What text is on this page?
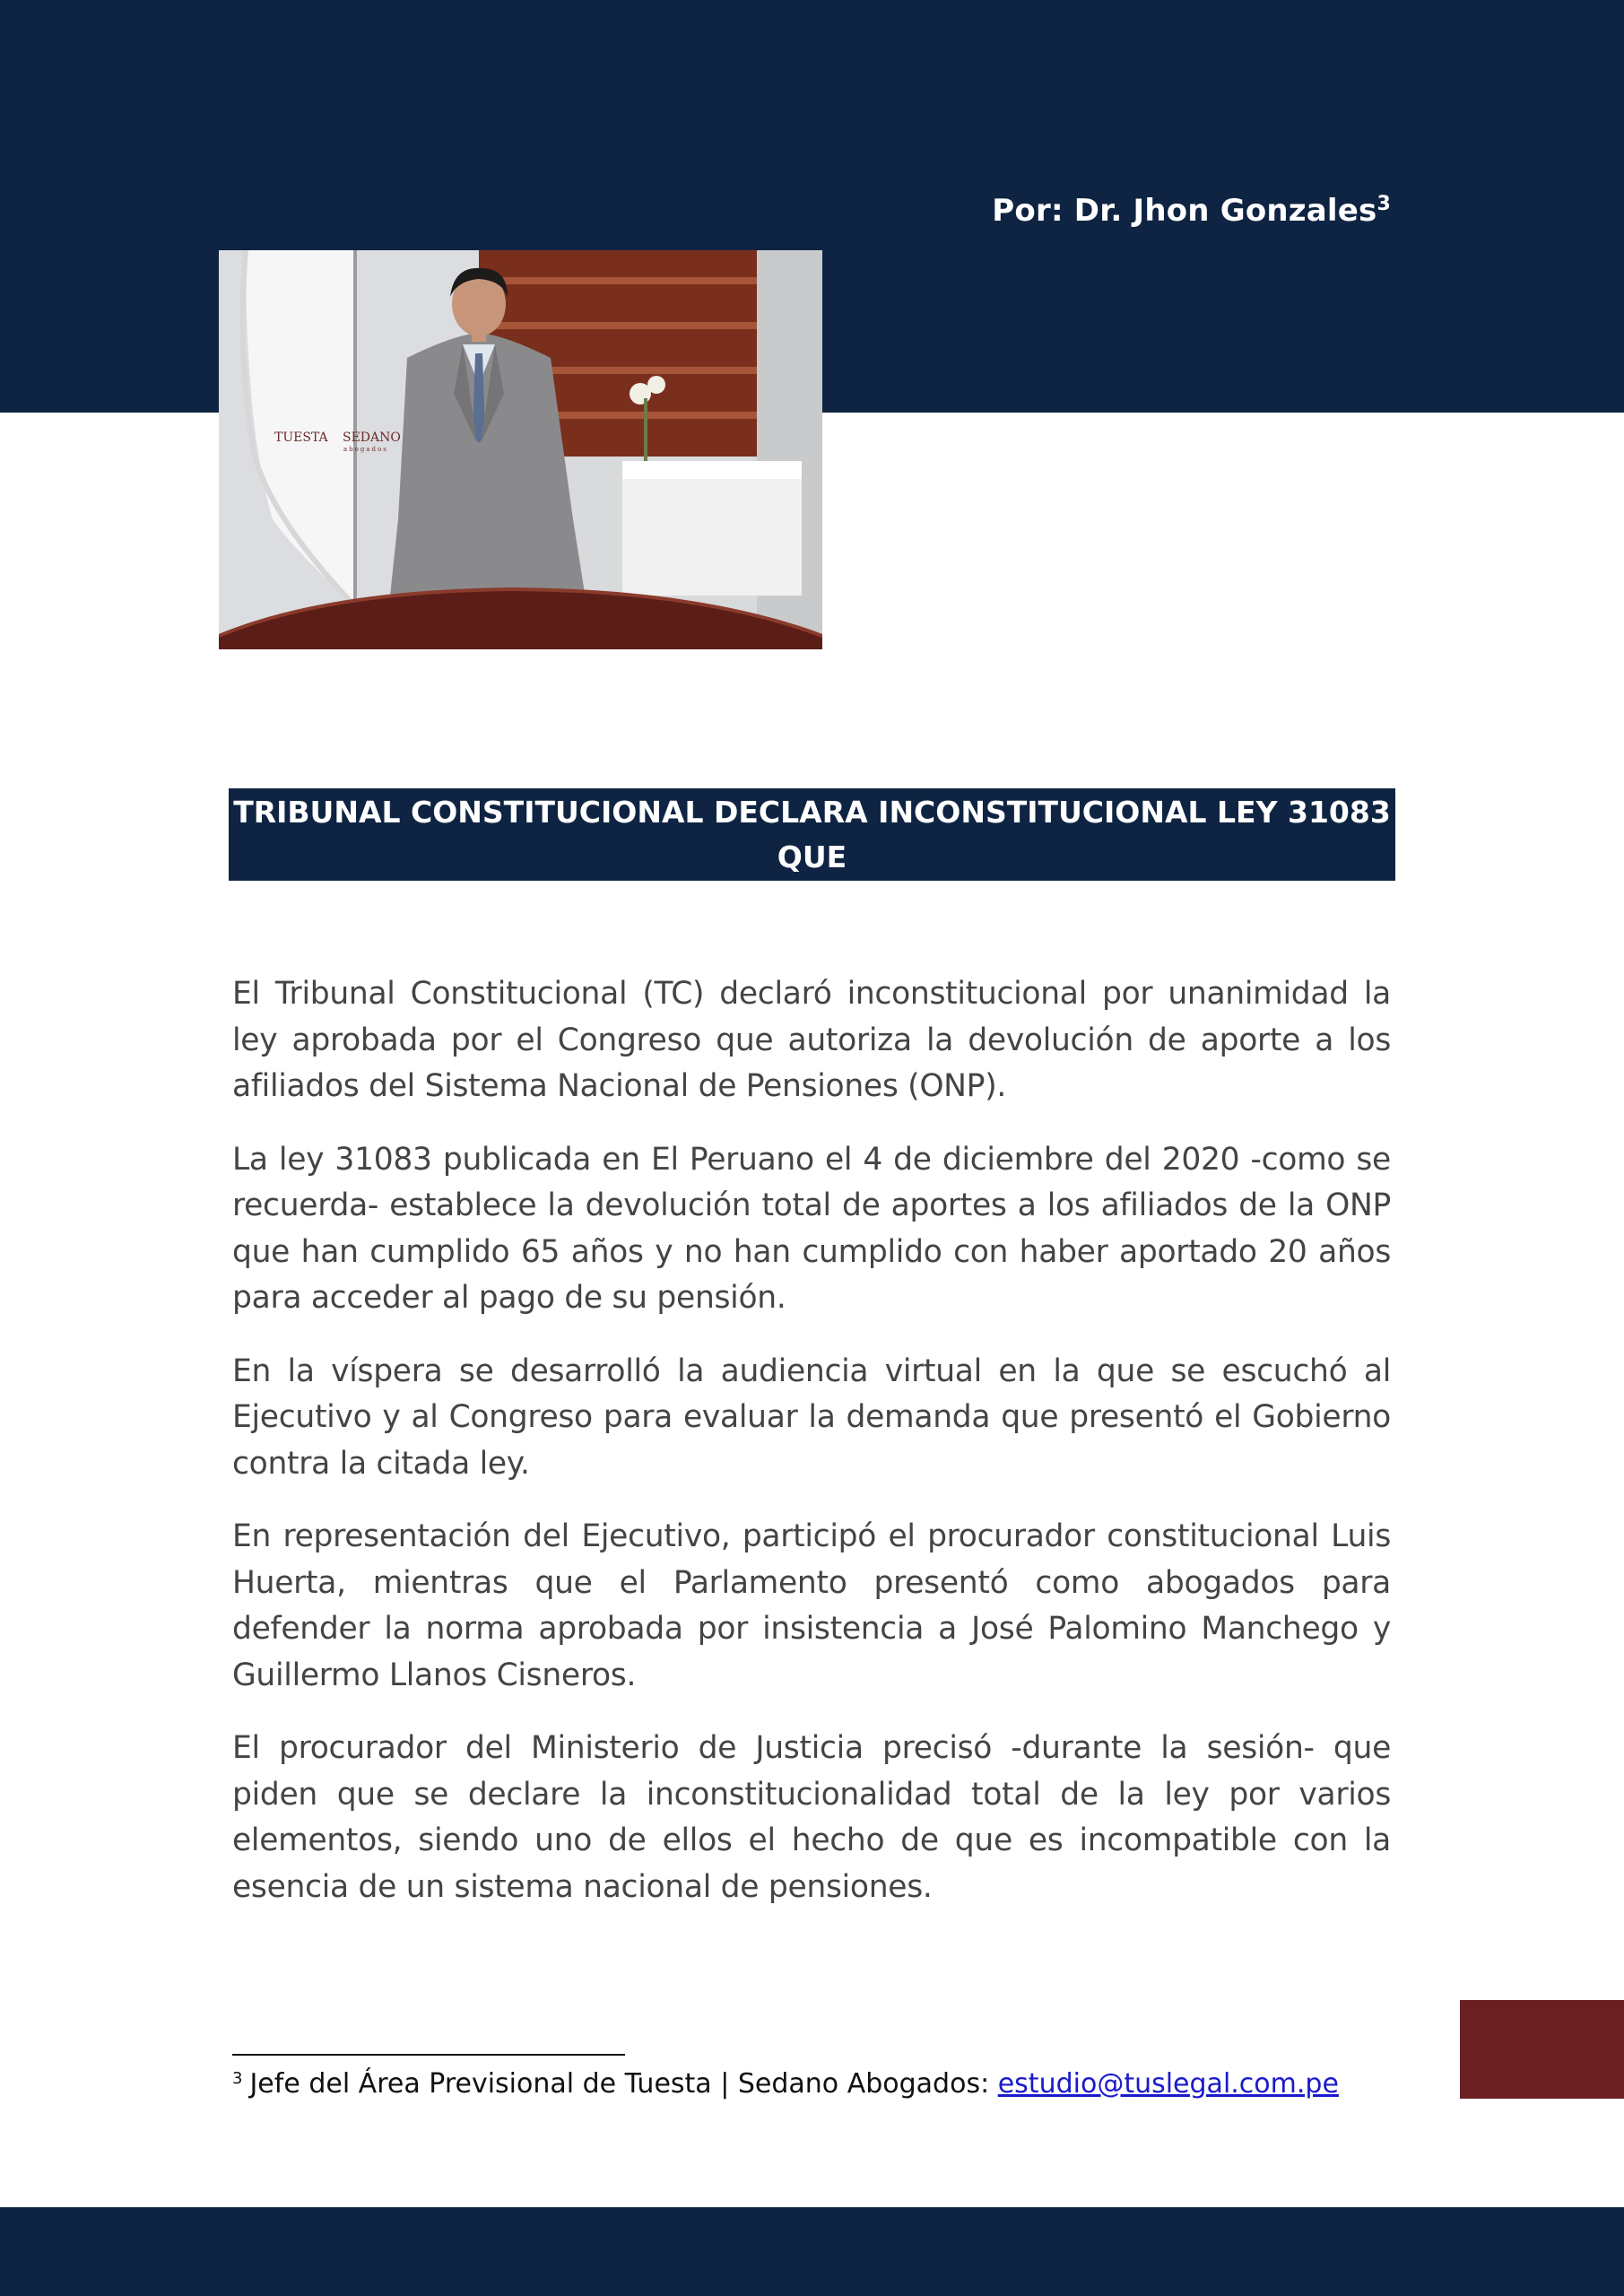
Por: Dr. Jhon Gonzales$^3$
TUESTA SEDANO
abogados
TRIBUNAL CONSTITUCIONAL DECLARA INCONSTITUCIONAL LEY 31083 QUE
AUTORIZA DEVOLUCIóN DE APORTES DE LA ONP

El Tribunal Constitucional (TC) declaró inconstitucional por unanimidad la ley aprobada por el Congreso que autoriza la devolución de aporte a los afiliados del Sistema Nacional de Pensiones (ONP).

La ley 31083 publicada en El Peruano el 4 de diciembre del 2020 -como se recuerda- establece la devolución total de aportes a los afiliados de la ONP que han cumplido 65 años y no han cumplido con haber aportado 20 años para acceder al pago de su pensión.

En la víspera se desarrolló la audiencia virtual en la que se escuchó al Ejecutivo y al Congreso para evaluar la demanda que presentó el Gobierno contra la citada ley.

En representación del Ejecutivo, participó el procurador constitucional Luis Huerta, mientras que el Parlamento presentó como abogados para defender la norma aprobada por insistencia a José Palomino Manchego y Guillermo Llanos Cisneros.

El procurador del Ministerio de Justicia precisó -durante la sesión- que piden que se declare la inconstitucionalidad total de la ley por varios elementos, siendo uno de ellos el hecho de que es incompatible con la esencia de un sistema nacional de pensiones.

$^3$ Jefe del Área Previsional de Tuesta | Sedano Abogados: estudio@tuslegal.com.pe
